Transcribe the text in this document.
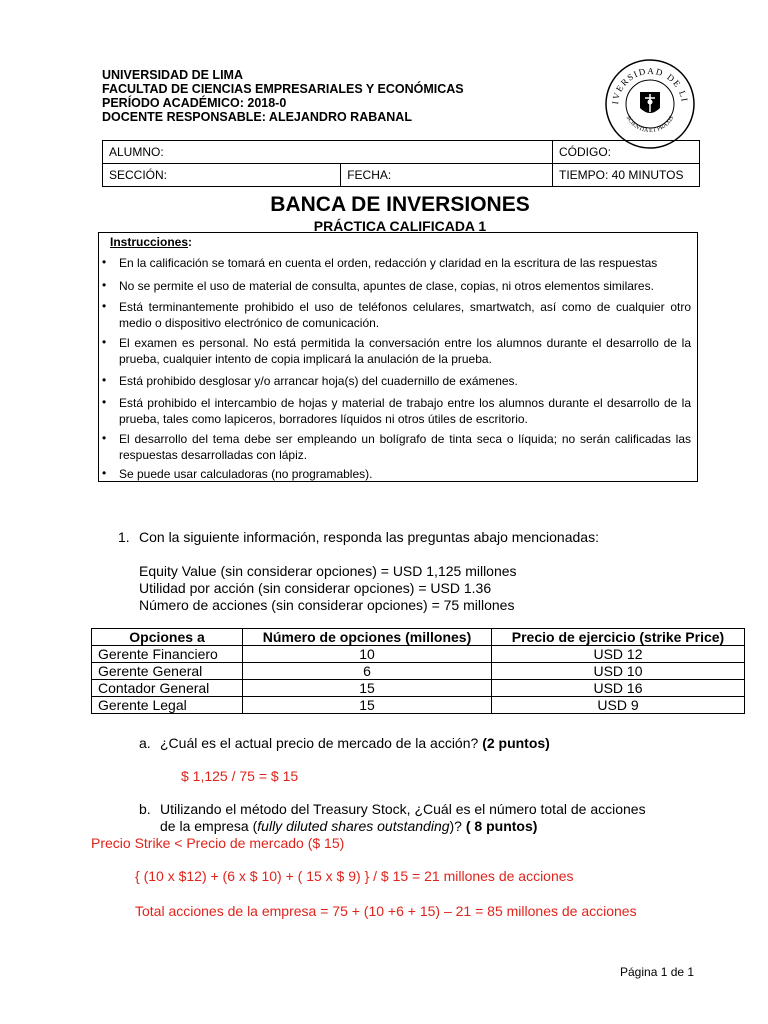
UNIVERSIDAD DE LIMA
FACULTAD DE CIENCIAS EMPRESARIALES Y ECONÓMICAS
PERÍODO ACADÉMICO: 2018-0
DOCENTE RESPONSABLE: ALEJANDRO RABANAL
IVERSIDAD DE LI
SCIENTIA ET PRAXIS
ALUMNO:		CÓDIGO:
SECCIÓN:	FECHA:	TIEMPO: 40 MINUTOS
BANCA DE INVERSIONES
PRÁCTICA CALIFICADA 1
Instrucciones:
•	En la calificación se tomará en cuenta el orden, redacción y claridad en la escritura de las respuestas
•	No se permite el uso de material de consulta, apuntes de clase, copias, ni otros elementos similares.
•	Está terminantemente prohibido el uso de teléfonos celulares, smartwatch, así como de cualquier otro medio o dispositivo electrónico de comunicación.
•	El examen es personal. No está permitida la conversación entre los alumnos durante el desarrollo de la prueba, cualquier intento de copia implicará la anulación de la prueba.
•	Está prohibido desglosar y/o arrancar hoja(s) del cuadernillo de exámenes.
•	Está prohibido el intercambio de hojas y material de trabajo entre los alumnos durante el desarrollo de la prueba, tales como lapiceros, borradores líquidos ni otros útiles de escritorio.
•	El desarrollo del tema debe ser empleando un bolígrafo de tinta seca o líquida; no serán calificadas las respuestas desarrolladas con lápiz.
•	Se puede usar calculadoras (no programables).
1. Con la siguiente información, responda las preguntas abajo mencionadas:
Equity Value (sin considerar opciones) = USD 1,125 millones
Utilidad por acción (sin considerar opciones) = USD 1.36
Número de acciones (sin considerar opciones) = 75 millones
Opciones a	Número de opciones (millones)	Precio de ejercicio (strike Price)
Gerente Financiero	10	USD 12
Gerente General	6	USD 10
Contador General	15	USD 16
Gerente Legal	15	USD 9
a. ¿Cuál es el actual precio de mercado de la acción? (2 puntos)
$ 1,125 / 75 = $ 15
b. Utilizando el método del Treasury Stock, ¿Cuál es el número total de acciones
de la empresa (fully diluted shares outstanding)? ( 8 puntos)
Precio Strike < Precio de mercado ($ 15)
{ (10 x $12) + (6 x $ 10) + ( 15 x $ 9) } / $ 15 = 21 millones de acciones
Total acciones de la empresa = 75 + (10 +6 + 15) – 21 = 85 millones de acciones
Página 1 de 1
